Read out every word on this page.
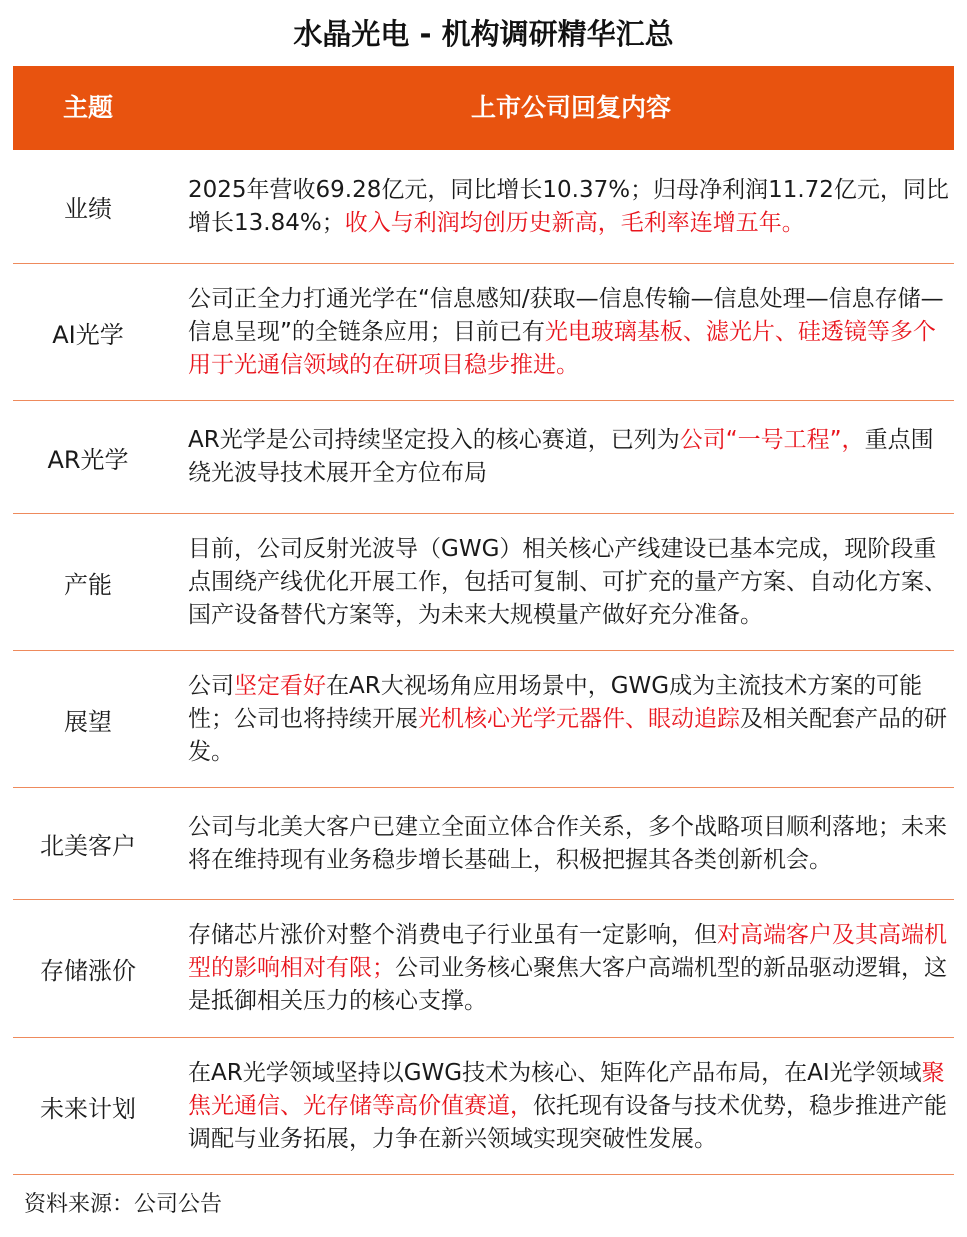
水晶光电 - 机构调研精华汇总
主题	上市公司回复内容
业绩

2025年营收69.28亿元，同比增长10.37%；归母净利润11.72亿元，同比增长13.84%；收入与利润均创历史新高，毛利率连增五年。

AI光学

公司正全力打通光学在“信息感知/获取—信息传输—信息处理—信息存储—信息呈现”的全链条应用；目前已有光电玻璃基板、滤光片、硅透镜等多个用于光通信领域的在研项目稳步推进。

AR光学

AR光学是公司持续坚定投入的核心赛道，已列为公司“一号工程”，重点围绕光波导技术展开全方位布局

产能

目前，公司反射光波导（GWG）相关核心产线建设已基本完成，现阶段重点围绕产线优化开展工作，包括可复制、可扩充的量产方案、自动化方案、国产设备替代方案等，为未来大规模量产做好充分准备。

展望

公司坚定看好在AR大视场角应用场景中，GWG成为主流技术方案的可能性；公司也将持续开展光机核心光学元器件、眼动追踪及相关配套产品的研发。

北美客户

公司与北美大客户已建立全面立体合作关系，多个战略项目顺利落地；未来将在维持现有业务稳步增长基础上，积极把握其各类创新机会。

存储涨价

存储芯片涨价对整个消费电子行业虽有一定影响，但对高端客户及其高端机型的影响相对有限；公司业务核心聚焦大客户高端机型的新品驱动逻辑，这是抵御相关压力的核心支撑。

未来计划

在AR光学领域坚持以GWG技术为核心、矩阵化产品布局，在AI光学领域聚焦光通信、光存储等高价值赛道，依托现有设备与技术优势，稳步推进产能调配与业务拓展，力争在新兴领域实现突破性发展。

资料来源：公司公告
